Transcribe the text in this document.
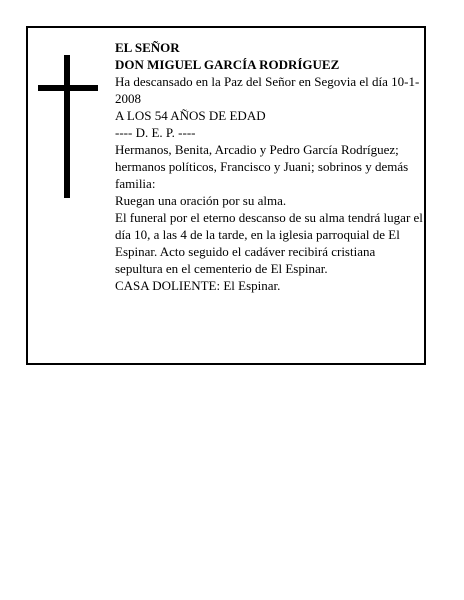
EL SEÑOR

DON MIGUEL GARCÍA RODRÍGUEZ

Ha descansado en la Paz del Señor en Segovia el día 10-1-2008

A LOS 54 AÑOS DE EDAD

---- D. E. P. ----

Hermanos, Benita, Arcadio y Pedro García Rodríguez; hermanos políticos, Francisco y Juani; sobrinos y demás familia:

Ruegan una oración por su alma.

El funeral por el eterno descanso de su alma tendrá lugar el día 10, a las 4 de la tarde, en la iglesia parroquial de El Espinar. Acto seguido el cadáver recibirá cristiana sepultura en el cementerio de El Espinar.

CASA DOLIENTE: El Espinar.
